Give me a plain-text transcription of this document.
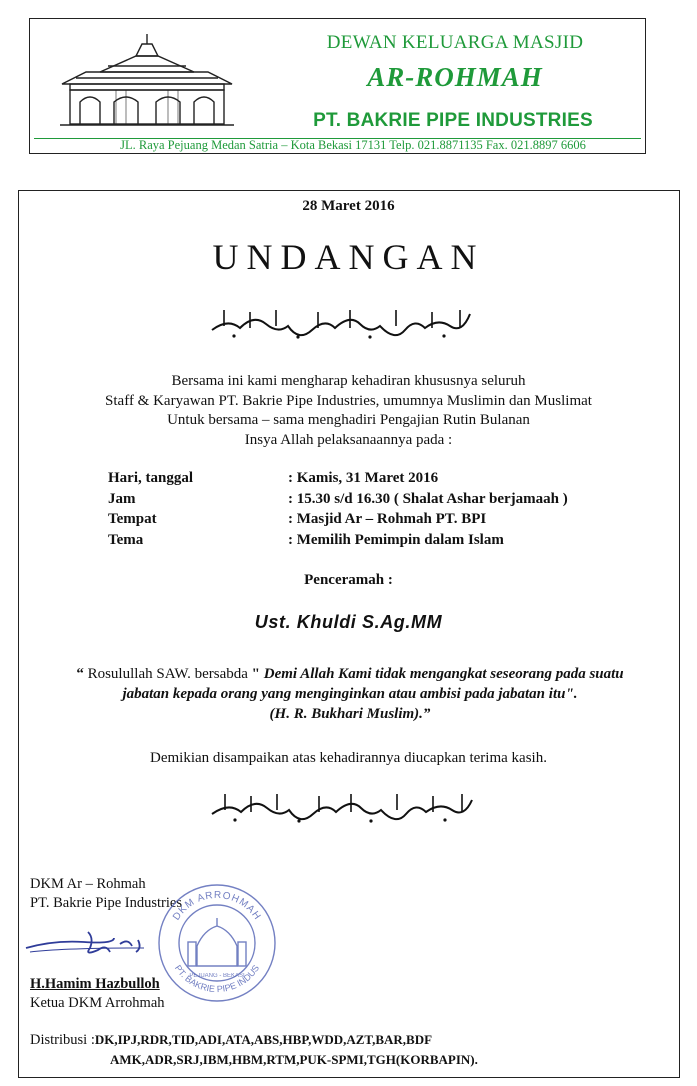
DEWAN KELUARGA MASJID
AR-ROHMAH
PT. BAKRIE PIPE INDUSTRIES
JL. Raya Pejuang Medan Satria – Kota Bekasi 17131 Telp. 021.8871135 Fax. 021.8897 6606
28 Maret 2016
UNDANGAN
Bersama ini kami mengharap kehadiran khususnya seluruh
Staff & Karyawan PT. Bakrie Pipe Industries, umumnya Muslimin dan Muslimat
Untuk bersama – sama menghadiri Pengajian Rutin Bulanan
Insya Allah pelaksanaannya pada :
Hari, tanggal	: Kamis, 31 Maret 2016
Jam	: 15.30 s/d 16.30 ( Shalat Ashar berjamaah )
Tempat	: Masjid Ar – Rohmah PT. BPI
Tema	: Memilih Pemimpin dalam Islam
Penceramah :
Ust. Khuldi S.Ag.MM
“ Rosulullah SAW. bersabda " Demi Allah Kami tidak mengangkat seseorang pada suatu
jabatan kepada orang yang menginginkan atau ambisi pada jabatan itu".
(H. R. Bukhari Muslim).”
Demikian disampaikan atas kehadirannya diucapkan terima kasih.
DKM Ar – Rohmah
PT. Bakrie Pipe Industries
DKM ARROHMAH
PT. BAKRIE PIPE INDUS
PEJUANG - BEKASI
H.Hamim Hazbulloh
Ketua DKM Arrohmah
Distribusi :DK,IPJ,RDR,TID,ADI,ATA,ABS,HBP,WDD,AZT,BAR,BDF
AMK,ADR,SRJ,IBM,HBM,RTM,PUK-SPMI,TGH(KORBAPIN).
